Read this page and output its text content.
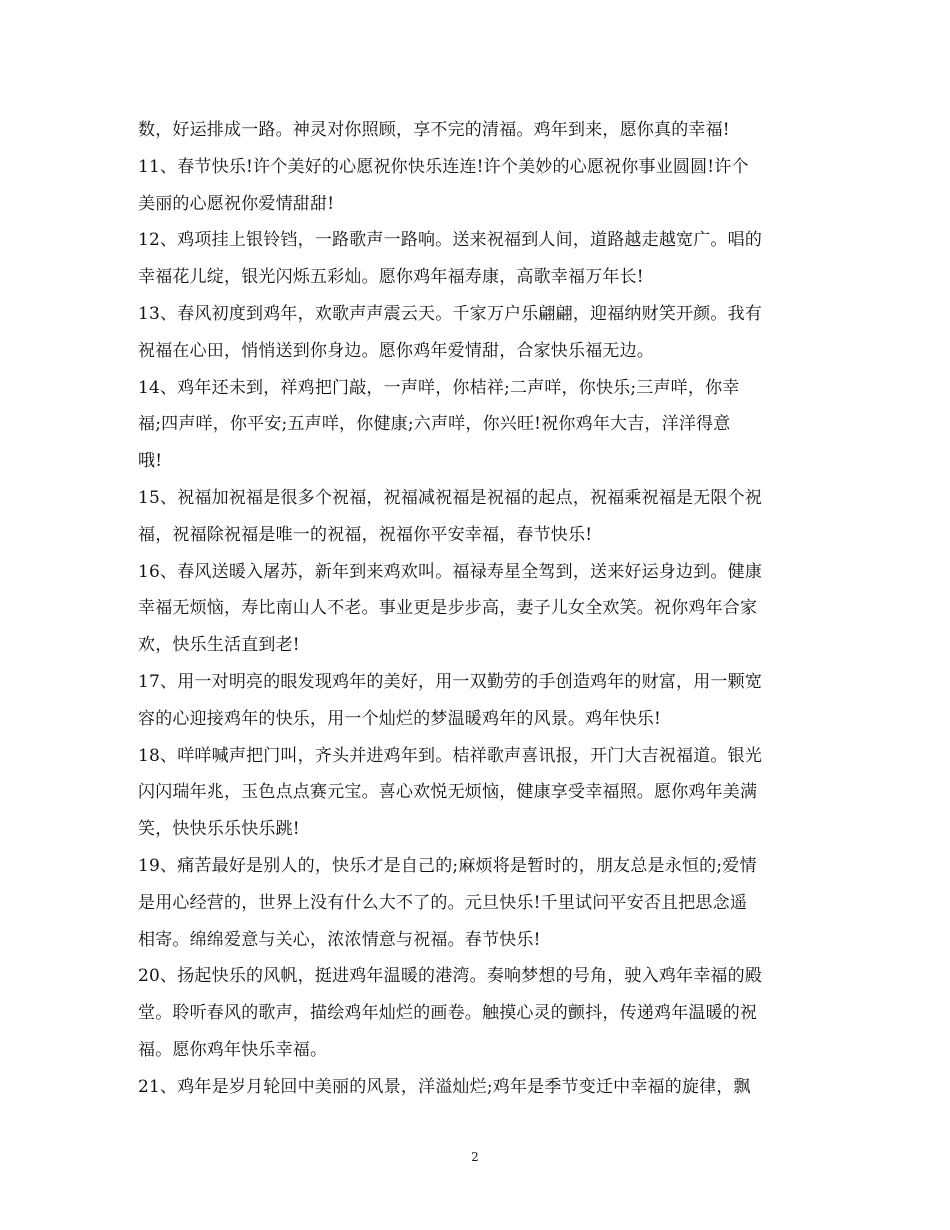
数，好运排成一路。神灵对你照顾，享不完的清福。鸡年到来，愿你真的幸福!
11、春节快乐!许个美好的心愿祝你快乐连连!许个美妙的心愿祝你事业圆圆!许个
美丽的心愿祝你爱情甜甜!
12、鸡项挂上银铃铛，一路歌声一路响。送来祝福到人间，道路越走越宽广。唱的
幸福花儿绽，银光闪烁五彩灿。愿你鸡年福寿康，高歌幸福万年长!
13、春风初度到鸡年，欢歌声声震云天。千家万户乐翩翩，迎福纳财笑开颜。我有
祝福在心田，悄悄送到你身边。愿你鸡年爱情甜，合家快乐福无边。
14、鸡年还未到，祥鸡把门敲，一声咩，你桔祥;二声咩，你快乐;三声咩，你幸
福;四声咩，你平安;五声咩，你健康;六声咩，你兴旺!祝你鸡年大吉，洋洋得意
哦!
15、祝福加祝福是很多个祝福，祝福减祝福是祝福的起点，祝福乘祝福是无限个祝
福，祝福除祝福是唯一的祝福，祝福你平安幸福，春节快乐!
16、春风送暖入屠苏，新年到来鸡欢叫。福禄寿星全驾到，送来好运身边到。健康
幸福无烦恼，寿比南山人不老。事业更是步步高，妻子儿女全欢笑。祝你鸡年合家
欢，快乐生活直到老!
17、用一对明亮的眼发现鸡年的美好，用一双勤劳的手创造鸡年的财富，用一颗宽
容的心迎接鸡年的快乐，用一个灿烂的梦温暖鸡年的风景。鸡年快乐!
18、咩咩喊声把门叫，齐头并进鸡年到。桔祥歌声喜讯报，开门大吉祝福道。银光
闪闪瑞年兆，玉色点点赛元宝。喜心欢悦无烦恼，健康享受幸福照。愿你鸡年美满
笑，快快乐乐快乐跳!
19、痛苦最好是别人的，快乐才是自己的;麻烦将是暂时的，朋友总是永恒的;爱情
是用心经营的，世界上没有什么大不了的。元旦快乐!千里试问平安否且把思念遥
相寄。绵绵爱意与关心，浓浓情意与祝福。春节快乐!
20、扬起快乐的风帆，挺进鸡年温暖的港湾。奏响梦想的号角，驶入鸡年幸福的殿
堂。聆听春风的歌声，描绘鸡年灿烂的画卷。触摸心灵的颤抖，传递鸡年温暖的祝
福。愿你鸡年快乐幸福。
21、鸡年是岁月轮回中美丽的风景，洋溢灿烂;鸡年是季节变迁中幸福的旋律，飘
2
